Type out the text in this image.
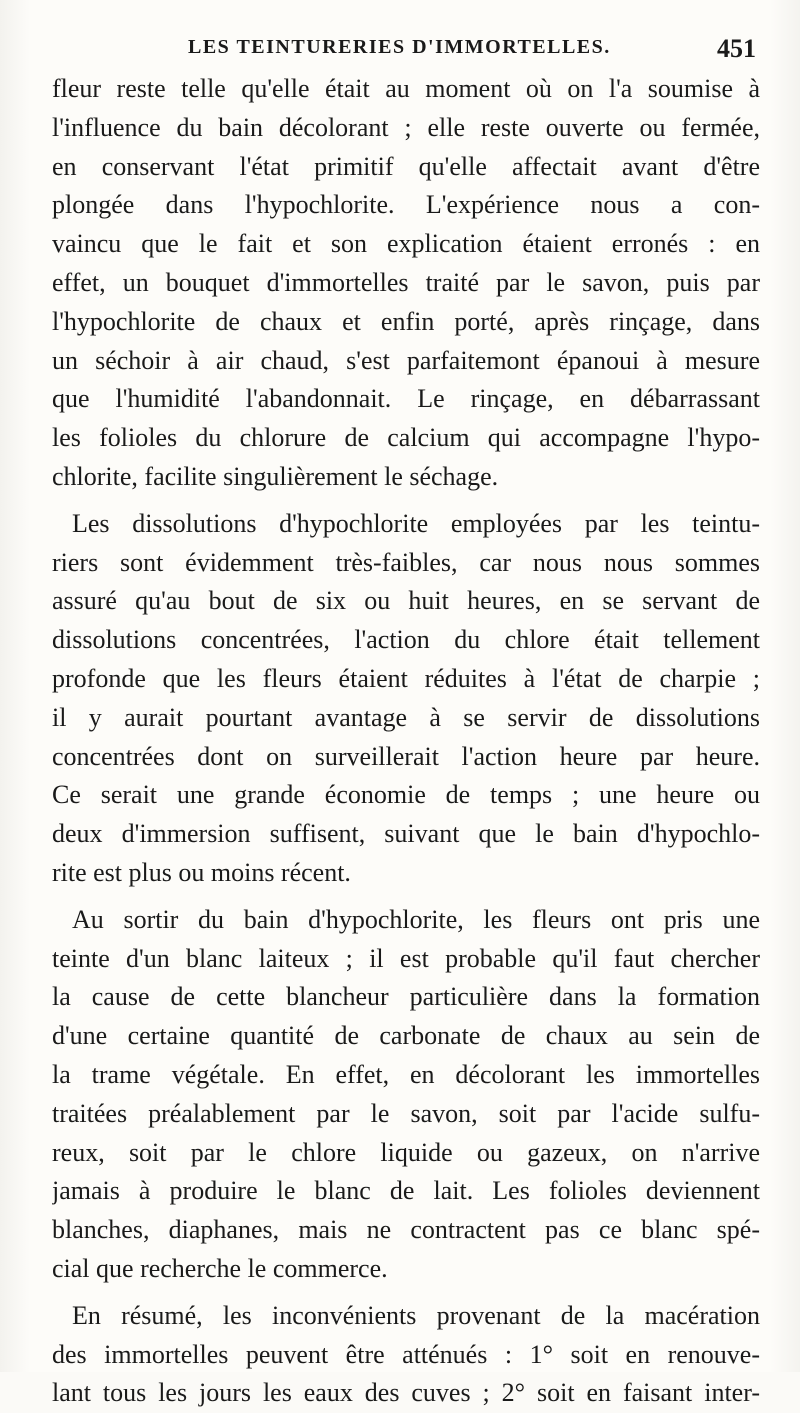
LES TEINTURERIES D'IMMORTELLES.	451

fleur reste telle qu'elle était au moment où on l'a soumise à
l'influence du bain décolorant ; elle reste ouverte ou fermée,
en conservant l'état primitif qu'elle affectait avant d'être
plongée dans l'hypochlorite. L'expérience nous a con-
vaincu que le fait et son explication étaient erronés : en
effet, un bouquet d'immortelles traité par le savon, puis par
l'hypochlorite de chaux et enfin porté, après rinçage, dans
un séchoir à air chaud, s'est parfaitemont épanoui à mesure
que l'humidité l'abandonnait. Le rinçage, en débarrassant
les folioles du chlorure de calcium qui accompagne l'hypo-
chlorite, facilite singulièrement le séchage.

Les dissolutions d'hypochlorite employées par les teintu-
riers sont évidemment très-faibles, car nous nous sommes
assuré qu'au bout de six ou huit heures, en se servant de
dissolutions concentrées, l'action du chlore était tellement
profonde que les fleurs étaient réduites à l'état de charpie ;
il y aurait pourtant avantage à se servir de dissolutions
concentrées dont on surveillerait l'action heure par heure.
Ce serait une grande économie de temps ; une heure ou
deux d'immersion suffisent, suivant que le bain d'hypochlo-
rite est plus ou moins récent.

Au sortir du bain d'hypochlorite, les fleurs ont pris une
teinte d'un blanc laiteux ; il est probable qu'il faut chercher
la cause de cette blancheur particulière dans la formation
d'une certaine quantité de carbonate de chaux au sein de
la trame végétale. En effet, en décolorant les immortelles
traitées préalablement par le savon, soit par l'acide sulfu-
reux, soit par le chlore liquide ou gazeux, on n'arrive
jamais à produire le blanc de lait. Les folioles deviennent
blanches, diaphanes, mais ne contractent pas ce blanc spé-
cial que recherche le commerce.

En résumé, les inconvénients provenant de la macération
des immortelles peuvent être atténués : 1° soit en renouve-
lant tous les jours les eaux des cuves ; 2° soit en faisant inter-
